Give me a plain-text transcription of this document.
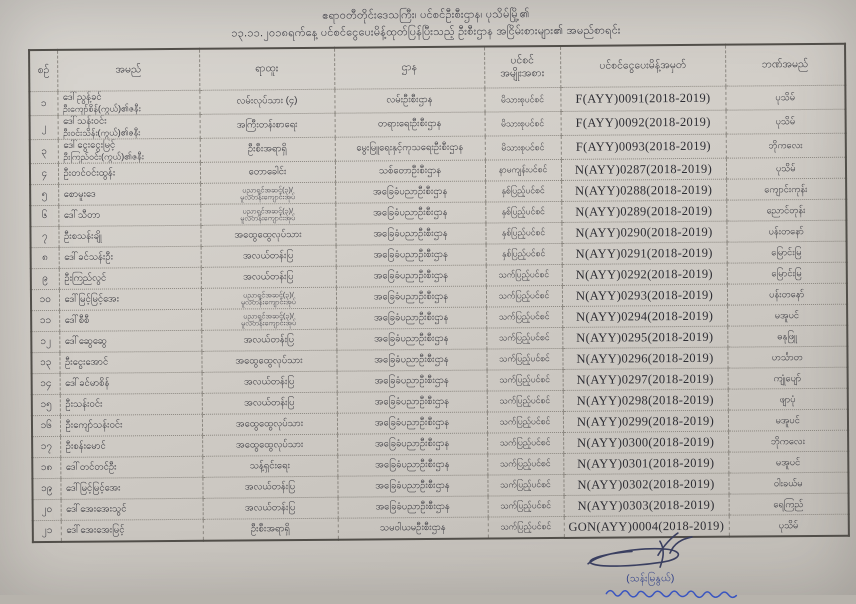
ဧရာဝတီတိုင်းဒေသကြီး၊ ပင်စင်ဦးစီးဌာန၊ ပုသိမ်မြို့၏
၁၃.၁၁.၂၀၁၈ရက်နေ့ ပင်စင်ငွေပေးမိန့်ထုတ်ပြန်ပြီးသည့် ဦးစီးဌာန အငြိမ်းစားများ၏ အမည်စာရင်း
စဉ်	အမည်	ရာထူး	ဌာန	ပင်စင်
အမျိုးအစား	ပင်စင်ငွေပေးမိန့်အမှတ်	ဘဏ်အမည်

၁	ဒေါ်ညွန့်ခင်
ဦးကျော်စိန်(ကွယ်)၏ဇနီး	လမ်းလုပ်သား (၄)	လမ်းဦးစီးဌာန	မိသားစုပင်စင်	F(AYY)0091(2018-2019)	ပုသိမ်

၂	ဒေါ်သန်းဝင်း
ဦးဝင်းသိန်း(ကွယ်)၏ဇနီး	အကြီးတန်းစာရေး	တရားရေးဦးစီးဌာန	မိသားစုပင်စင်	F(AYY)0092(2018-2019)	ပုသိမ်

၃	ဒေါ်ငွေးငွေးမြင့်
ဦးကြည်ဝင်း(ကွယ်)၏ဇနီး	ဦးစီးအရာရှိ	မွေးမြူရေးနှင့်ကုသရေးဦးစီးဌာန	မိသားစုပင်စင်	F(AYY)0093(2018-2019)	ဘိုကလေး

၄	ဦးတင်ဝင်းထွန်း	တောခေါင်း	သစ်တောဦးစီးဌာန	နာမကျန်းပင်စင်	N(AYY)0287(2018-2019)	ပုသိမ်

၅	စောမူးဒေ	ပညာရှင်အဆင့်(၃)/
မူလတန်းကျောင်းအုပ်	အခြေခံပညာဦးစီးဌာန	နှစ်ပြည့်ပင်စင်	N(AYY)0288(2018-2019)	ကျောင်းကုန်း

၆	ဒေါ်သီတာ	ပညာရှင်အဆင့်(၃)/
မူလတန်းကျောင်းအုပ်	အခြေခံပညာဦးစီးဌာန	နှစ်ပြည့်ပင်စင်	N(AYY)0289(2018-2019)	ညောင်တုန်း

၇	ဦးစသန်းချို	အထွေထွေလုပ်သား	အခြေခံပညာဦးစီးဌာန	နှစ်ပြည့်ပင်စင်	N(AYY)0290(2018-2019)	ပန်းတနော်

၈	ဒေါ်ခင်သန်းဦး	အလယ်တန်းပြ	အခြေခံပညာဦးစီးဌာန	နှစ်ပြည့်ပင်စင်	N(AYY)0291(2018-2019)	မြောင်းမြ

၉	ဦးကြည်လွင်	အလယ်တန်းပြ	အခြေခံပညာဦးစီးဌာန	သက်ပြည့်ပင်စင်	N(AYY)0292(2018-2019)	မြောင်းမြ

၁၀	ဒေါ်မြင့်မြင့်အေး	ပညာရှင်အဆင့်(၃)/
မူလတန်းကျောင်းအုပ်	အခြေခံပညာဦးစီးဌာန	သက်ပြည့်ပင်စင်	N(AYY)0293(2018-2019)	ပန်းတနော်

၁၁	ဒေါ်စီစီ	ပညာရှင်အဆင့်(၃)/
မူလတန်းကျောင်းအုပ်	အခြေခံပညာဦးစီးဌာန	သက်ပြည့်ပင်စင်	N(AYY)0294(2018-2019)	မအူပင်

၁၂	ဒေါ်ဆွေဆွေ	အလယ်တန်းပြ	အခြေခံပညာဦးစီးဌာန	သက်ပြည့်ပင်စင်	N(AYY)0295(2018-2019)	ဓနုဖြူ

၁၃	ဦးငွေးအောင်	အထွေထွေလုပ်သား	အခြေခံပညာဦးစီးဌာန	သက်ပြည့်ပင်စင်	N(AYY)0296(2018-2019)	ဟင်္သာတ

၁၄	ဒေါ်ခင်မာစိန်	အလယ်တန်းပြ	အခြေခံပညာဦးစီးဌာန	သက်ပြည့်ပင်စင်	N(AYY)0297(2018-2019)	ကျုံပျော်

၁၅	ဦးသန်းဝင်း	အလယ်တန်းပြ	အခြေခံပညာဦးစီးဌာန	သက်ပြည့်ပင်စင်	N(AYY)0298(2018-2019)	ဖျာပုံ

၁၆	ဦးကျော်သန်းဝင်း	အထွေထွေလုပ်သား	အခြေခံပညာဦးစီးဌာန	သက်ပြည့်ပင်စင်	N(AYY)0299(2018-2019)	မအူပင်

၁၇	ဦးစန်းမောင်	အထွေထွေလုပ်သား	အခြေခံပညာဦးစီးဌာန	သက်ပြည့်ပင်စင်	N(AYY)0300(2018-2019)	ဘိုကလေး

၁၈	ဒေါ်တင်တင်ဦး	သန့်ရှင်းရေး	အခြေခံပညာဦးစီးဌာန	သက်ပြည့်ပင်စင်	N(AYY)0301(2018-2019)	မအူပင်

၁၉	ဒေါ်မြင့်မြင့်အေး	အလယ်တန်းပြ	အခြေခံပညာဦးစီးဌာန	သက်ပြည့်ပင်စင်	N(AYY)0302(2018-2019)	ဝါးခယ်မ

၂၀	ဒေါ်အေးအေးသွင်	အလယ်တန်းပြ	အခြေခံပညာဦးစီးဌာန	သက်ပြည့်ပင်စင်	N(AYY)0303(2018-2019)	ရေကြည်

၂၁	ဒေါ်အေးအေးမြင့်	ဦးစီးအရာရှိ	သမဝါယမဦးစီးဌာန	သက်ပြည့်ပင်စင်	GON(AYY)0004(2018-2019)	ပုသိမ်
(သန်းမြနွယ်)
